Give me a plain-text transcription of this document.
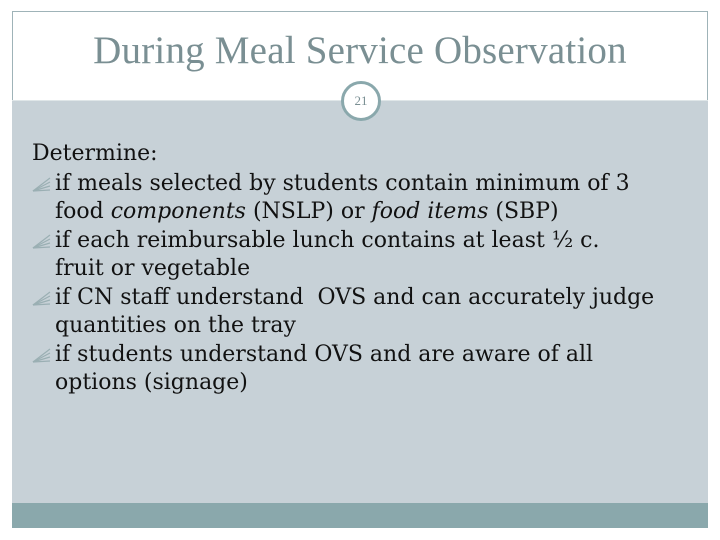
During Meal Service Observation
21
Determine:
if meals selected by students contain minimum of 3
food components (NSLP) or food items (SBP)
if each reimbursable lunch contains at least ½ c.
fruit or vegetable
if CN staff understand  OVS and can accurately judge
quantities on the tray
if students understand OVS and are aware of all
options (signage)
